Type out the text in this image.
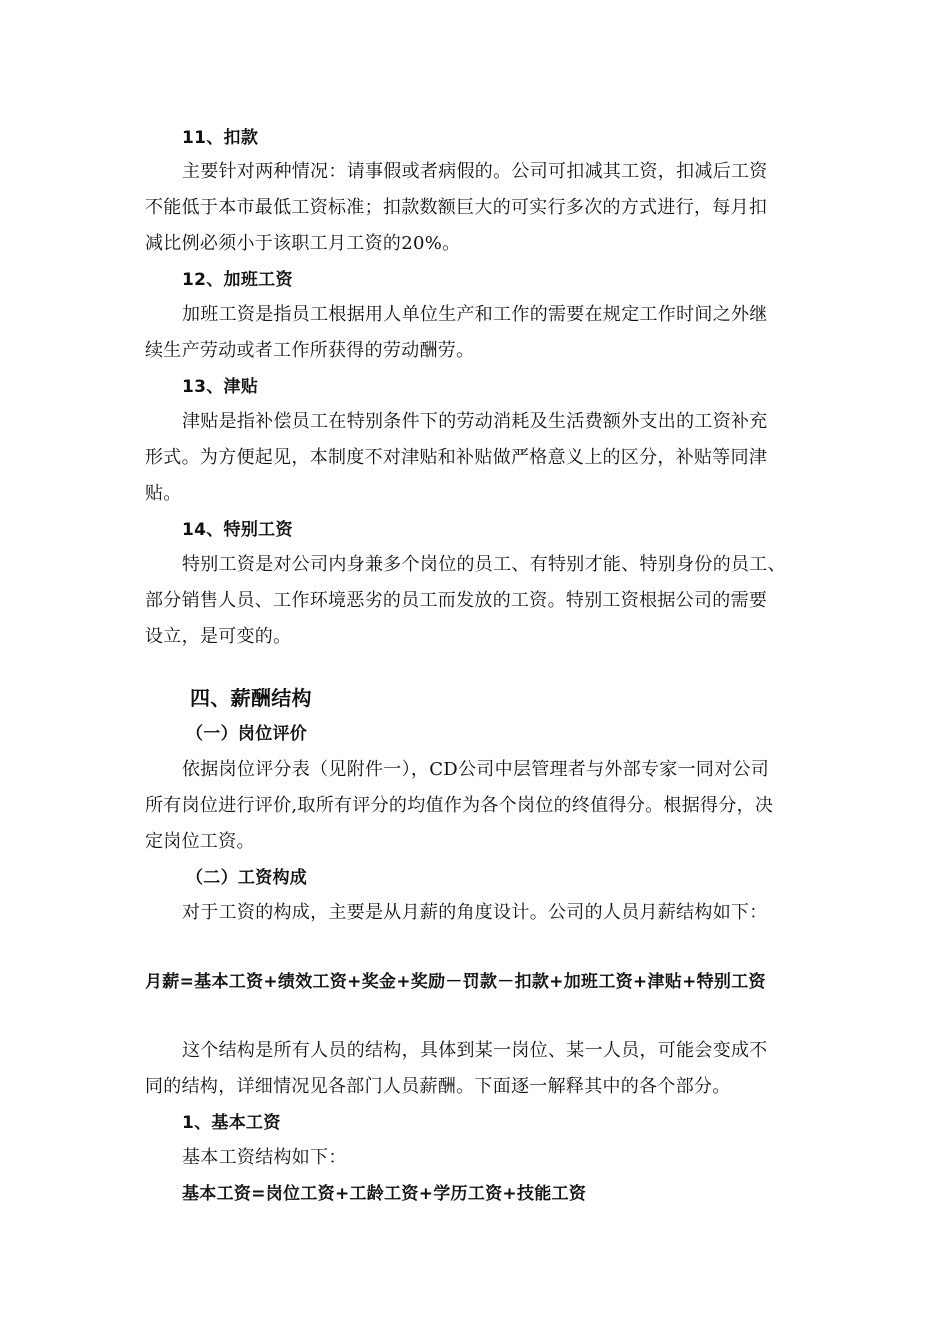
11、扣款
主要针对两种情况：请事假或者病假的。公司可扣减其工资，扣减后工资
不能低于本市最低工资标准；扣款数额巨大的可实行多次的方式进行，每月扣
减比例必须小于该职工月工资的20%。
12、加班工资
加班工资是指员工根据用人单位生产和工作的需要在规定工作时间之外继
续生产劳动或者工作所获得的劳动酬劳。
13、津贴
津贴是指补偿员工在特别条件下的劳动消耗及生活费额外支出的工资补充
形式。为方便起见，本制度不对津贴和补贴做严格意义上的区分，补贴等同津
贴。
14、特别工资
特别工资是对公司内身兼多个岗位的员工、有特别才能、特别身份的员工、
部分销售人员、工作环境恶劣的员工而发放的工资。特别工资根据公司的需要
设立，是可变的。
四、薪酬结构
（一）岗位评价
依据岗位评分表（见附件一），CD公司中层管理者与外部专家一同对公司
所有岗位进行评价,取所有评分的均值作为各个岗位的终值得分。根据得分，决
定岗位工资。
（二）工资构成
对于工资的构成，主要是从月薪的角度设计。公司的人员月薪结构如下：
月薪=基本工资+绩效工资+奖金+奖励－罚款－扣款+加班工资+津贴+特别工资
这个结构是所有人员的结构，具体到某一岗位、某一人员，可能会变成不
同的结构，详细情况见各部门人员薪酬。下面逐一解释其中的各个部分。
1、基本工资
基本工资结构如下：
基本工资=岗位工资+工龄工资+学历工资+技能工资
